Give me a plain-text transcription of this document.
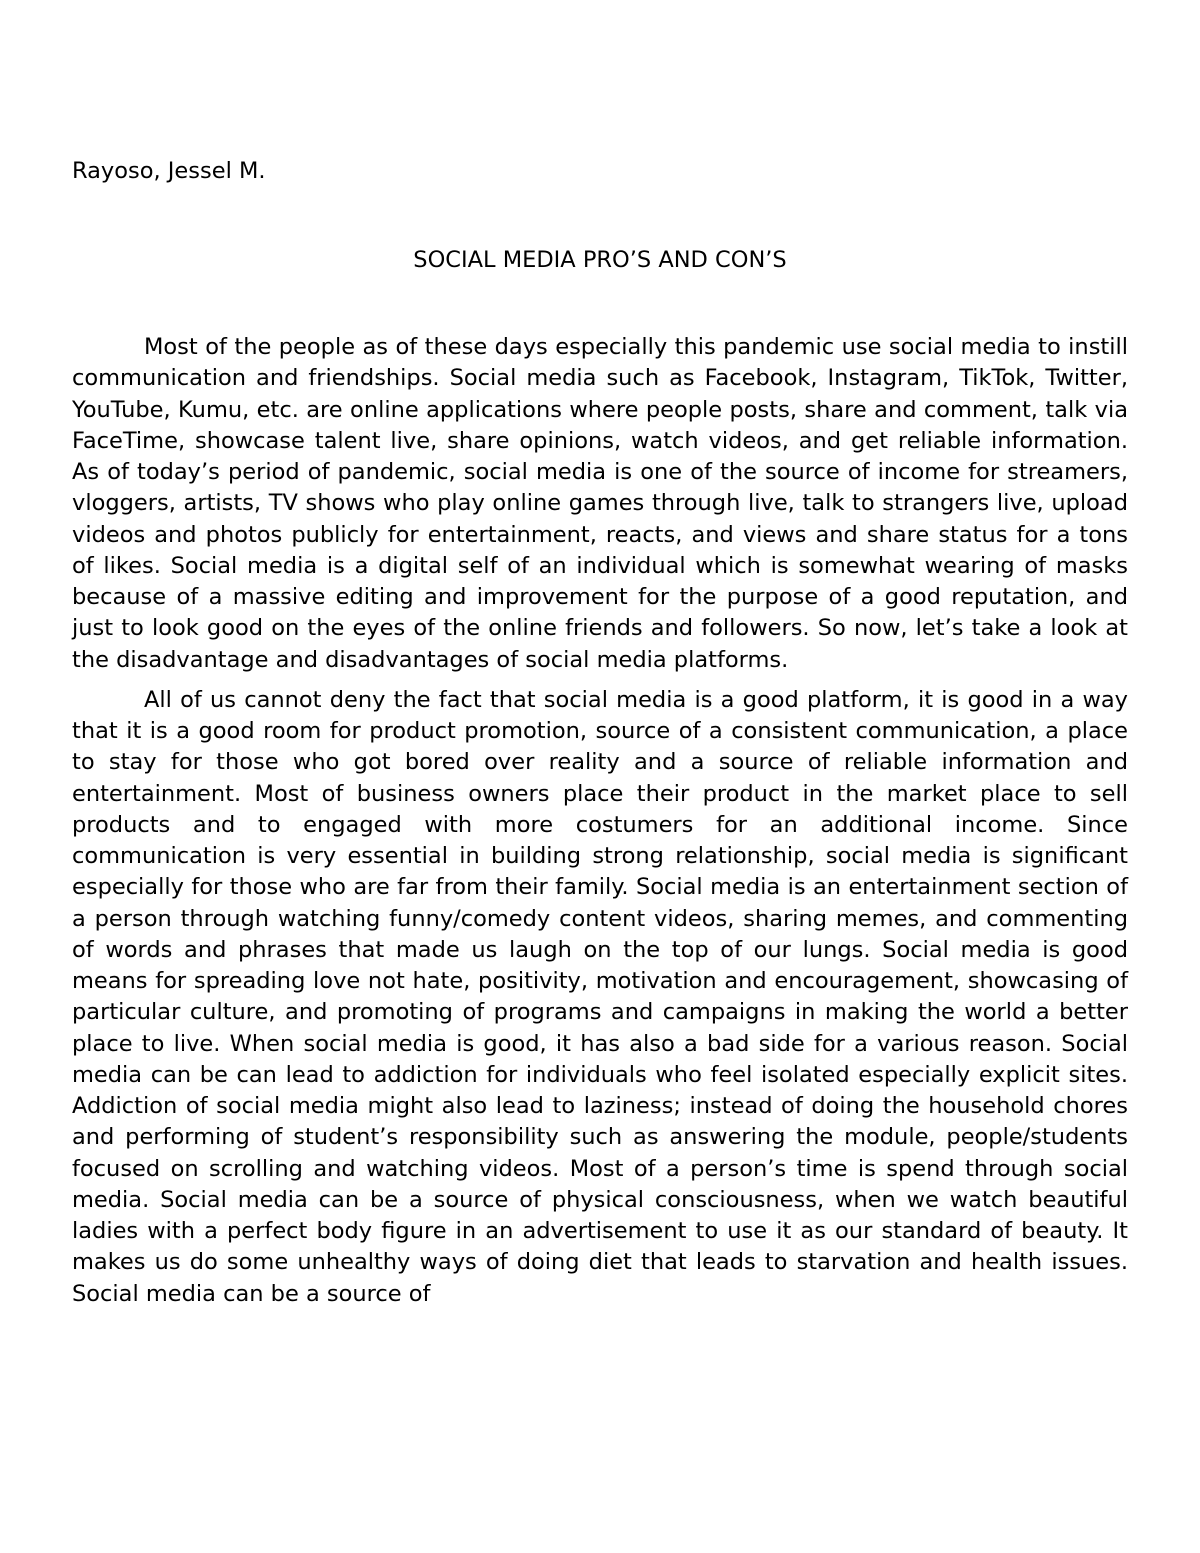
Rayoso, Jessel M.

SOCIAL MEDIA PRO’S AND CON’S

Most of the people as of these days especially this pandemic use social media to instill communication and friendships. Social media such as Facebook, Instagram, TikTok, Twitter, YouTube, Kumu, etc. are online applications where people posts, share and comment, talk via FaceTime, showcase talent live, share opinions, watch videos, and get reliable information. As of today’s period of pandemic, social media is one of the source of income for streamers, vloggers, artists, TV shows who play online games through live, talk to strangers live, upload videos and photos publicly for entertainment, reacts, and views and share status for a tons of likes. Social media is a digital self of an individual which is somewhat wearing of masks because of a massive editing and improvement for the purpose of a good reputation, and just to look good on the eyes of the online friends and followers. So now, let’s take a look at the disadvantage and disadvantages of social media platforms.

All of us cannot deny the fact that social media is a good platform, it is good in a way that it is a good room for product promotion, source of a consistent communication, a place to stay for those who got bored over reality and a source of reliable information and entertainment. Most of business owners place their product in the market place to sell products and to engaged with more costumers for an additional income. Since communication is very essential in building strong relationship, social media is significant especially for those who are far from their family. Social media is an entertainment section of a person through watching funny/comedy content videos, sharing memes, and commenting of words and phrases that made us laugh on the top of our lungs. Social media is good means for spreading love not hate, positivity, motivation and encouragement, showcasing of particular culture, and promoting of programs and campaigns in making the world a better place to live. When social media is good, it has also a bad side for a various reason. Social media can be can lead to addiction for individuals who feel isolated especially explicit sites. Addiction of social media might also lead to laziness; instead of doing the household chores and performing of student’s responsibility such as answering the module, people/students focused on scrolling and watching videos. Most of a person’s time is spend through social media. Social media can be a source of physical consciousness, when we watch beautiful ladies with a perfect body figure in an advertisement to use it as our standard of beauty. It makes us do some unhealthy ways of doing diet that leads to starvation and health issues. Social media can be a source of
